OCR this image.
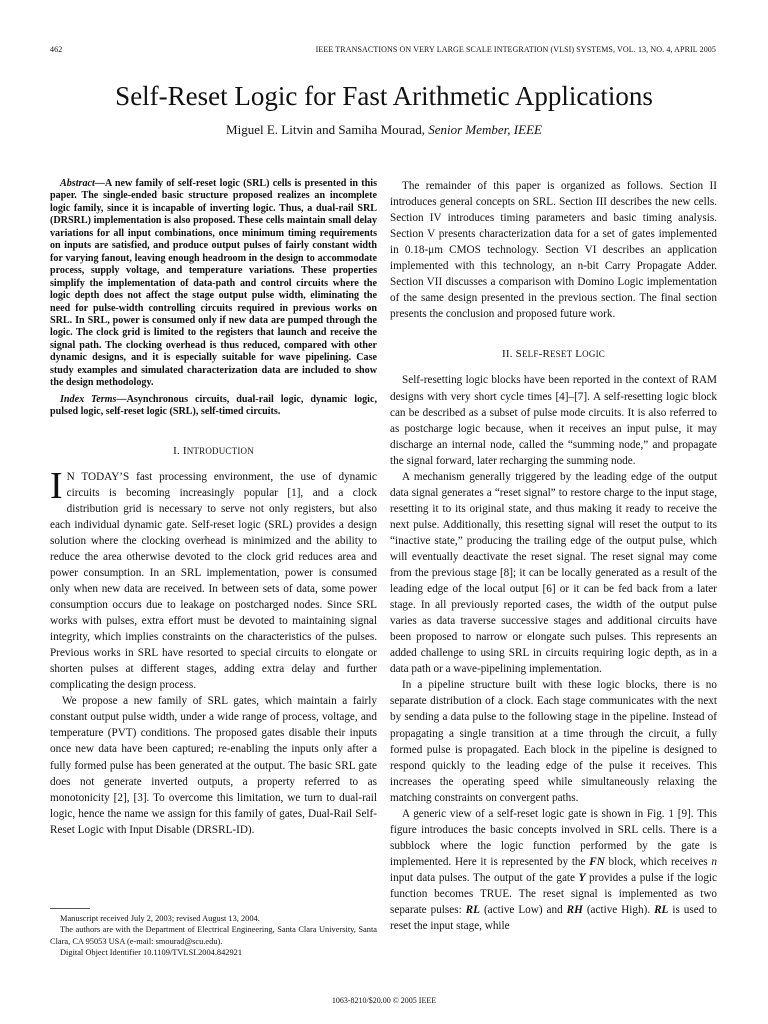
462	IEEE TRANSACTIONS ON VERY LARGE SCALE INTEGRATION (VLSI) SYSTEMS, VOL. 13, NO. 4, APRIL 2005
Self-Reset Logic for Fast Arithmetic Applications
Miguel E. Litvin and Samiha Mourad, Senior Member, IEEE

Abstract—A new family of self-reset logic (SRL) cells is presented in this paper. The single-ended basic structure proposed realizes an incomplete logic family, since it is incapable of inverting logic. Thus, a dual-rail SRL (DRSRL) implementation is also proposed. These cells maintain small delay variations for all input combinations, once minimum timing requirements on inputs are satisfied, and produce output pulses of fairly constant width for varying fanout, leaving enough headroom in the design to accommodate process, supply voltage, and temperature variations. These properties simplify the implementation of data-path and control circuits where the logic depth does not affect the stage output pulse width, eliminating the need for pulse-width controlling circuits required in previous works on SRL. In SRL, power is consumed only if new data are pumped through the logic. The clock grid is limited to the registers that launch and receive the signal path. The clocking overhead is thus reduced, compared with other dynamic designs, and it is especially suitable for wave pipelining. Case study examples and simulated characterization data are included to show the design methodology.

Index Terms—Asynchronous circuits, dual-rail logic, dynamic logic, pulsed logic, self-reset logic (SRL), self-timed circuits.

I. INTRODUCTION

I N TODAY’S fast processing environment, the use of dynamic circuits is becoming increasingly popular [1], and a clock distribution grid is necessary to serve not only registers, but also each individual dynamic gate. Self-reset logic (SRL) provides a design solution where the clocking overhead is minimized and the ability to reduce the area otherwise devoted to the clock grid reduces area and power consumption. In an SRL implementation, power is consumed only when new data are received. In between sets of data, some power consumption occurs due to leakage on postcharged nodes. Since SRL works with pulses, extra effort must be devoted to maintaining signal integrity, which implies constraints on the characteristics of the pulses. Previous works in SRL have resorted to special circuits to elongate or shorten pulses at different stages, adding extra delay and further complicating the design process.

We propose a new family of SRL gates, which maintain a fairly constant output pulse width, under a wide range of process, voltage, and temperature (PVT) conditions. The proposed gates disable their inputs once new data have been captured; re-enabling the inputs only after a fully formed pulse has been generated at the output. The basic SRL gate does not generate inverted outputs, a property referred to as monotonicity [2], [3]. To overcome this limitation, we turn to dual-rail logic, hence the name we assign for this family of gates, Dual-Rail Self-Reset Logic with Input Disable (DRSRL-ID).

Manuscript received July 2, 2003; revised August 13, 2004.

The authors are with the Department of Electrical Engineering, Santa Clara University, Santa Clara, CA 95053 USA (e-mail: smourad@scu.edu).

Digital Object Identifier 10.1109/TVLSI.2004.842921

The remainder of this paper is organized as follows. Section II introduces general concepts on SRL. Section III describes the new cells. Section IV introduces timing parameters and basic timing analysis. Section V presents characterization data for a set of gates implemented in 0.18-μm CMOS technology. Section VI describes an application implemented with this technology, an n-bit Carry Propagate Adder. Section VII discusses a comparison with Domino Logic implementation of the same design presented in the previous section. The final section presents the conclusion and proposed future work.

II. SELF-RESET LOGIC

Self-resetting logic blocks have been reported in the context of RAM designs with very short cycle times [4]–[7]. A self-resetting logic block can be described as a subset of pulse mode circuits. It is also referred to as postcharge logic because, when it receives an input pulse, it may discharge an internal node, called the “summing node,” and propagate the signal forward, later recharging the summing node.

A mechanism generally triggered by the leading edge of the output data signal generates a “reset signal” to restore charge to the input stage, resetting it to its original state, and thus making it ready to receive the next pulse. Additionally, this resetting signal will reset the output to its “inactive state,” producing the trailing edge of the output pulse, which will eventually deactivate the reset signal. The reset signal may come from the previous stage [8]; it can be locally generated as a result of the leading edge of the local output [6] or it can be fed back from a later stage. In all previously reported cases, the width of the output pulse varies as data traverse successive stages and additional circuits have been proposed to narrow or elongate such pulses. This represents an added challenge to using SRL in circuits requiring logic depth, as in a data path or a wave-pipelining implementation.

In a pipeline structure built with these logic blocks, there is no separate distribution of a clock. Each stage communicates with the next by sending a data pulse to the following stage in the pipeline. Instead of propagating a single transition at a time through the circuit, a fully formed pulse is propagated. Each block in the pipeline is designed to respond quickly to the leading edge of the pulse it receives. This increases the operating speed while simultaneously relaxing the matching constraints on convergent paths.

A generic view of a self-reset logic gate is shown in Fig. 1 [9]. This figure introduces the basic concepts involved in SRL cells. There is a subblock where the logic function performed by the gate is implemented. Here it is represented by the FN block, which receives n input data pulses. The output of the gate Y provides a pulse if the logic function becomes TRUE. The reset signal is implemented as two separate pulses: RL (active Low) and RH (active High). RL is used to reset the input stage, while

1063-8210/$20.00 © 2005 IEEE
